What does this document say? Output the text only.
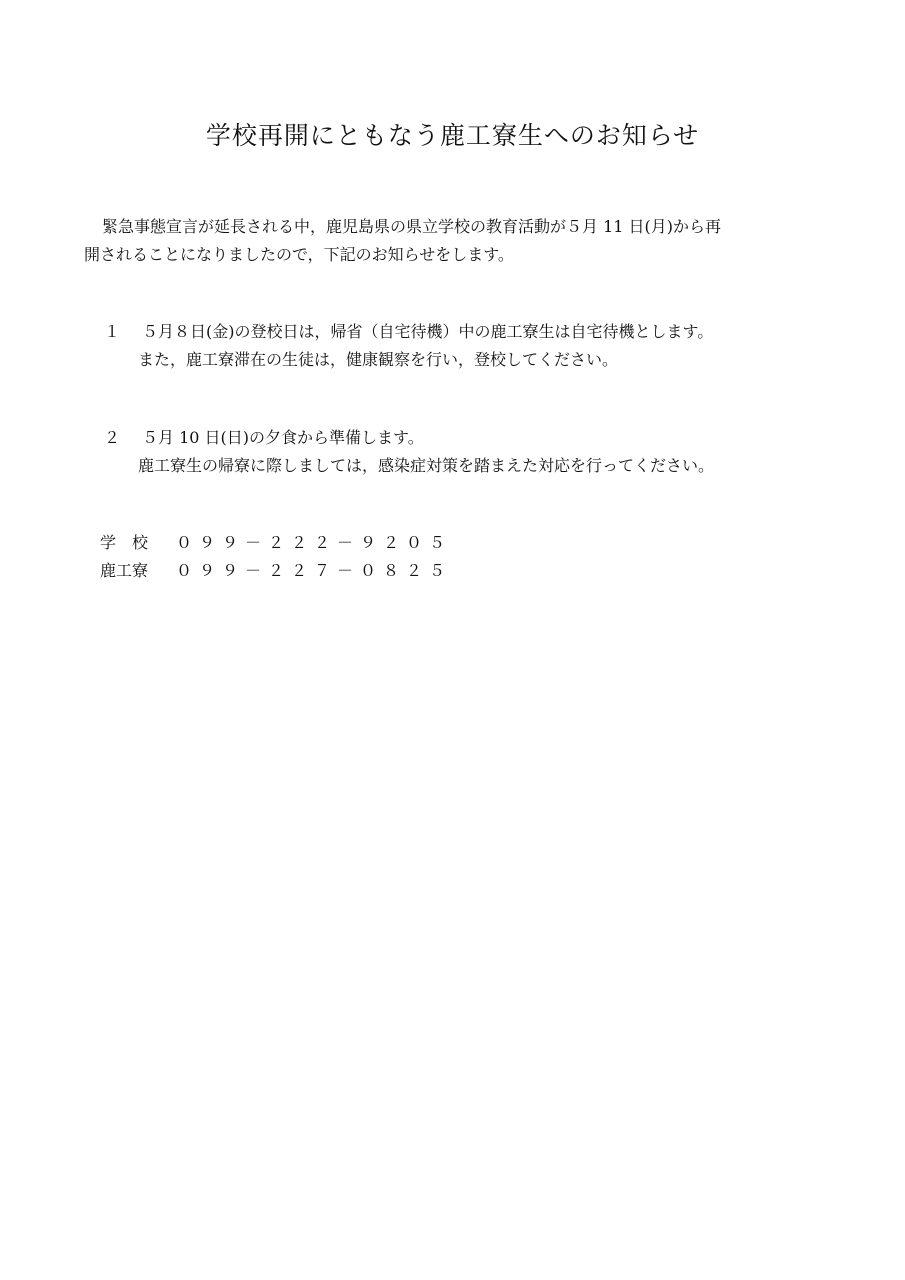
学校再開にともなう鹿工寮生へのお知らせ
緊急事態宣言が延長される中，鹿児島県の県立学校の教育活動が５月 11 日(月)から再
開されることになりましたので，下記のお知らせをします。
１	５月８日(金)の登校日は，帰省（自宅待機）中の鹿工寮生は自宅待機とします。
また，鹿工寮滞在の生徒は，健康観察を行い，登校してください。
２	５月 10 日(日)の夕食から準備します。
鹿工寮生の帰寮に際しましては，感染症対策を踏まえた対応を行ってください。
学　校	０９９－２２２－９２０５
鹿工寮	０９９－２２７－０８２５
